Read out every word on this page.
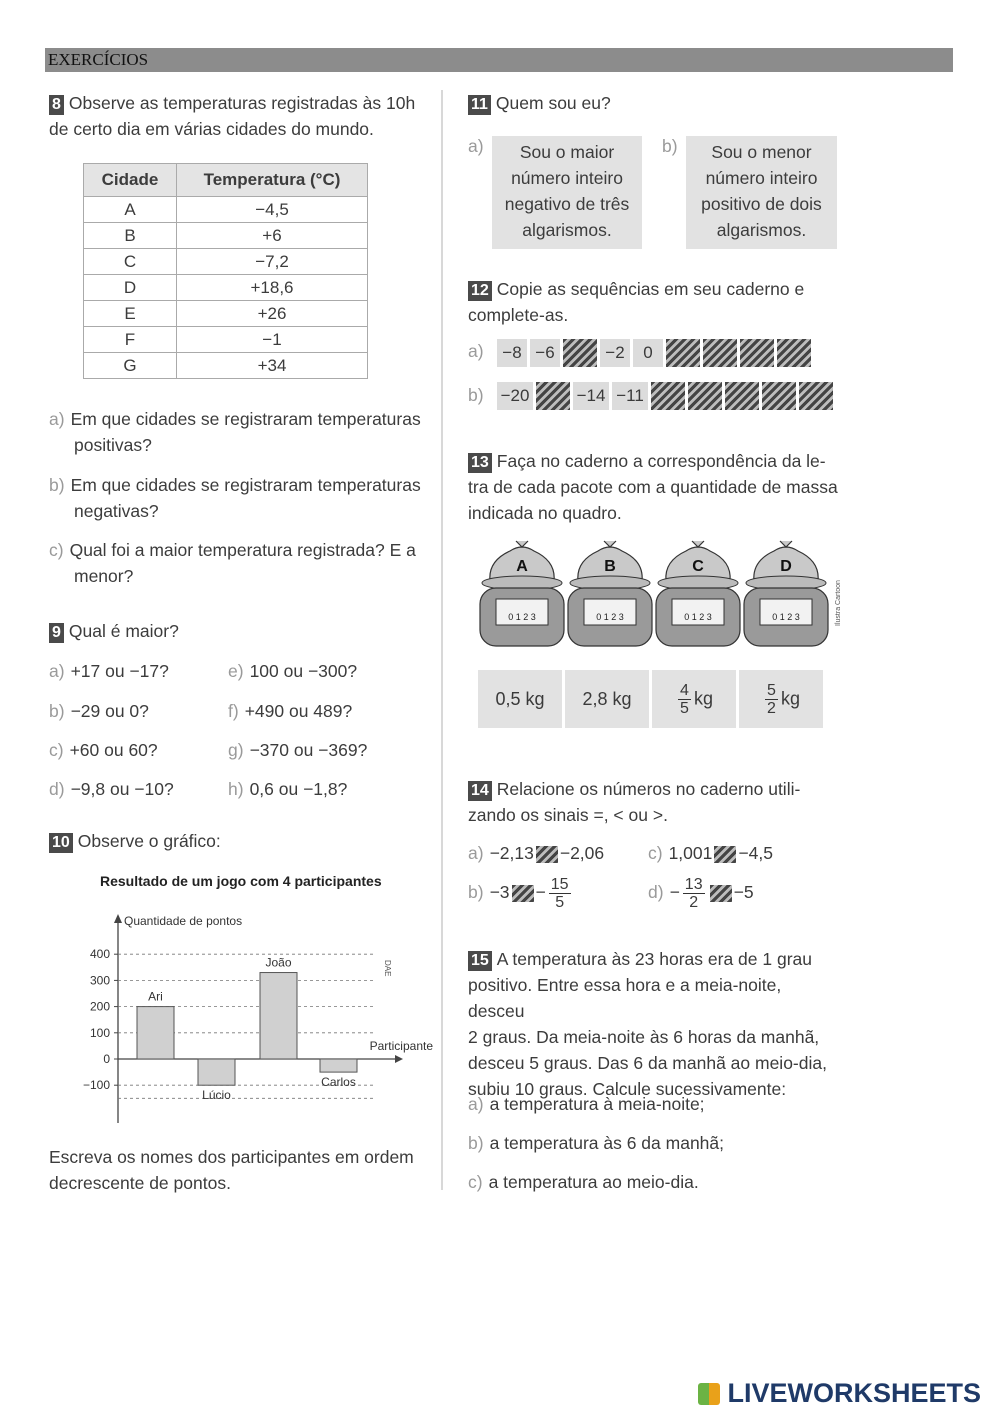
EXERCÍCIOS
8 Observe as temperaturas registradas às 10h
de certo dia em várias cidades do mundo.
Cidade	Temperatura (°C)
A	−4,5
B	+6
C	−7,2
D	+18,6
E	+26
F	−1
G	+34
a) Em que cidades se registraram temperaturas
positivas?
b) Em que cidades se registraram temperaturas
negativas?
c) Qual foi a maior temperatura registrada? E a
menor?
9 Qual é maior?
a) +17 ou −17?
b) −29 ou 0?
c) +60 ou 60?
d) −9,8 ou −10?
e) 100 ou −300?
f) +490 ou 489?
g) −370 ou −369?
h) 0,6 ou −1,8?
10 Observe o gráfico:
Resultado de um jogo com 4 participantes
Quantidade de pontos
400
300
200
100
0
−100
Participante
Ari
Lúcio
João
Carlos
DAE
Escreva os nomes dos participantes em ordem
decrescente de pontos.
11 Quem sou eu?
a)	Sou o maior
número inteiro
negativo de três
algarismos.
b)	Sou o menor
número inteiro
positivo de dois
algarismos.
12 Copie as sequências em seu caderno e
complete-as.
a)	−8 −6	−2 0
b) −20	−14 −11
13 Faça no caderno a correspondência da le-
tra de cada pacote com a quantidade de massa
indicada no quadro.
A
0 1 2 3
B
0 1 2 3
C
0 1 2 3
D
0 1 2 3	Ilustra Cartoon
0,5 kg	2,8 kg	$\frac{4}{5}$ kg	$\frac{5}{2}$ kg
14 Relacione os números no caderno utili-
zando os sinais =, < ou >.
a) −2,13 −2,06	c) 1,001 −4,5
$b) -3 - \frac{15}{5}$	$d) - \frac{13}{2} -5$
15 A temperatura às 23 horas era de 1 grau
positivo. Entre essa hora e a meia-noite, desceu
2 graus. Da meia-noite às 6 horas da manhã,
desceu 5 graus. Das 6 da manhã ao meio-dia,
subiu 10 graus. Calcule sucessivamente:
a) a temperatura à meia-noite;
b) a temperatura às 6 da manhã;
c) a temperatura ao meio-dia.
LIVEWORKSHEETS
